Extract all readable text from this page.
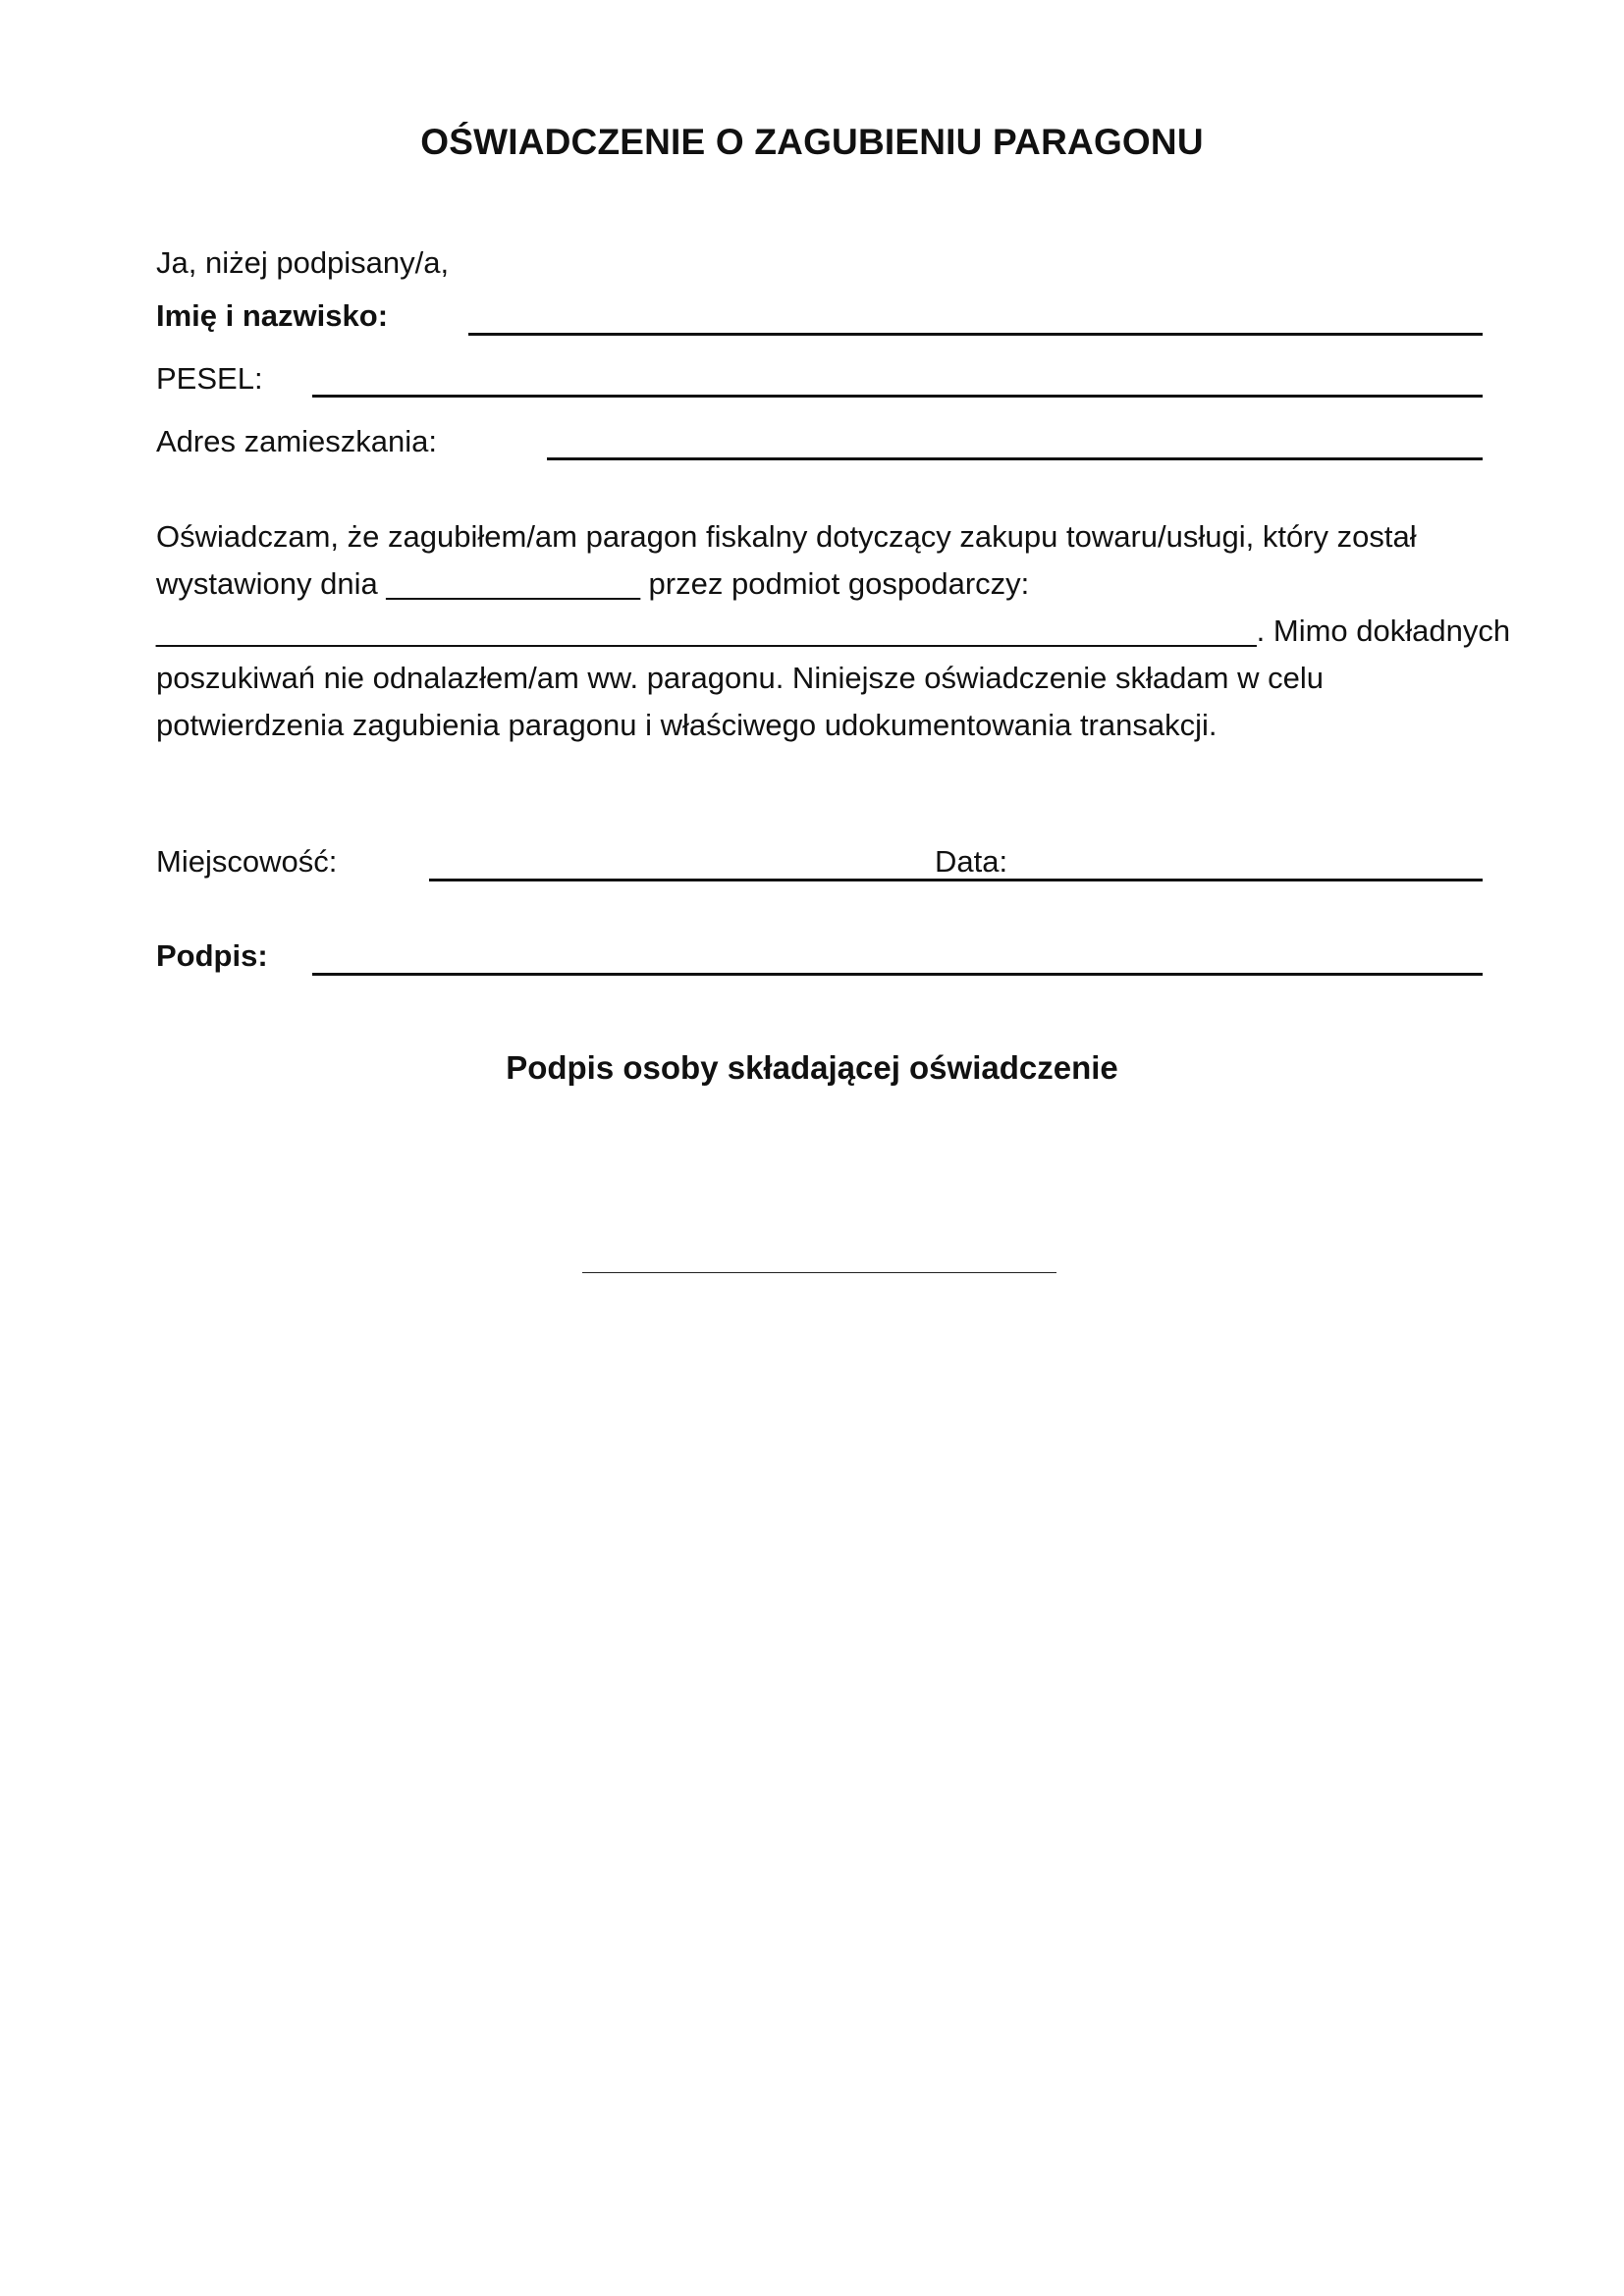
OŚWIADCZENIE O ZAGUBIENIU PARAGONU
Ja, niżej podpisany/a,
Imię i nazwisko:
PESEL:
Adres zamieszkania:
Oświadczam, że zagubiłem/am paragon fiskalny dotyczący zakupu towaru/usługi, który został
wystawiony dnia _______________ przez podmiot gospodarczy:
_________________________________________________________________. Mimo dokładnych
poszukiwań nie odnalazłem/am ww. paragonu. Niniejsze oświadczenie składam w celu
potwierdzenia zagubienia paragonu i właściwego udokumentowania transakcji.
Miejscowość:	Data:
Podpis:
Podpis osoby składającej oświadczenie
